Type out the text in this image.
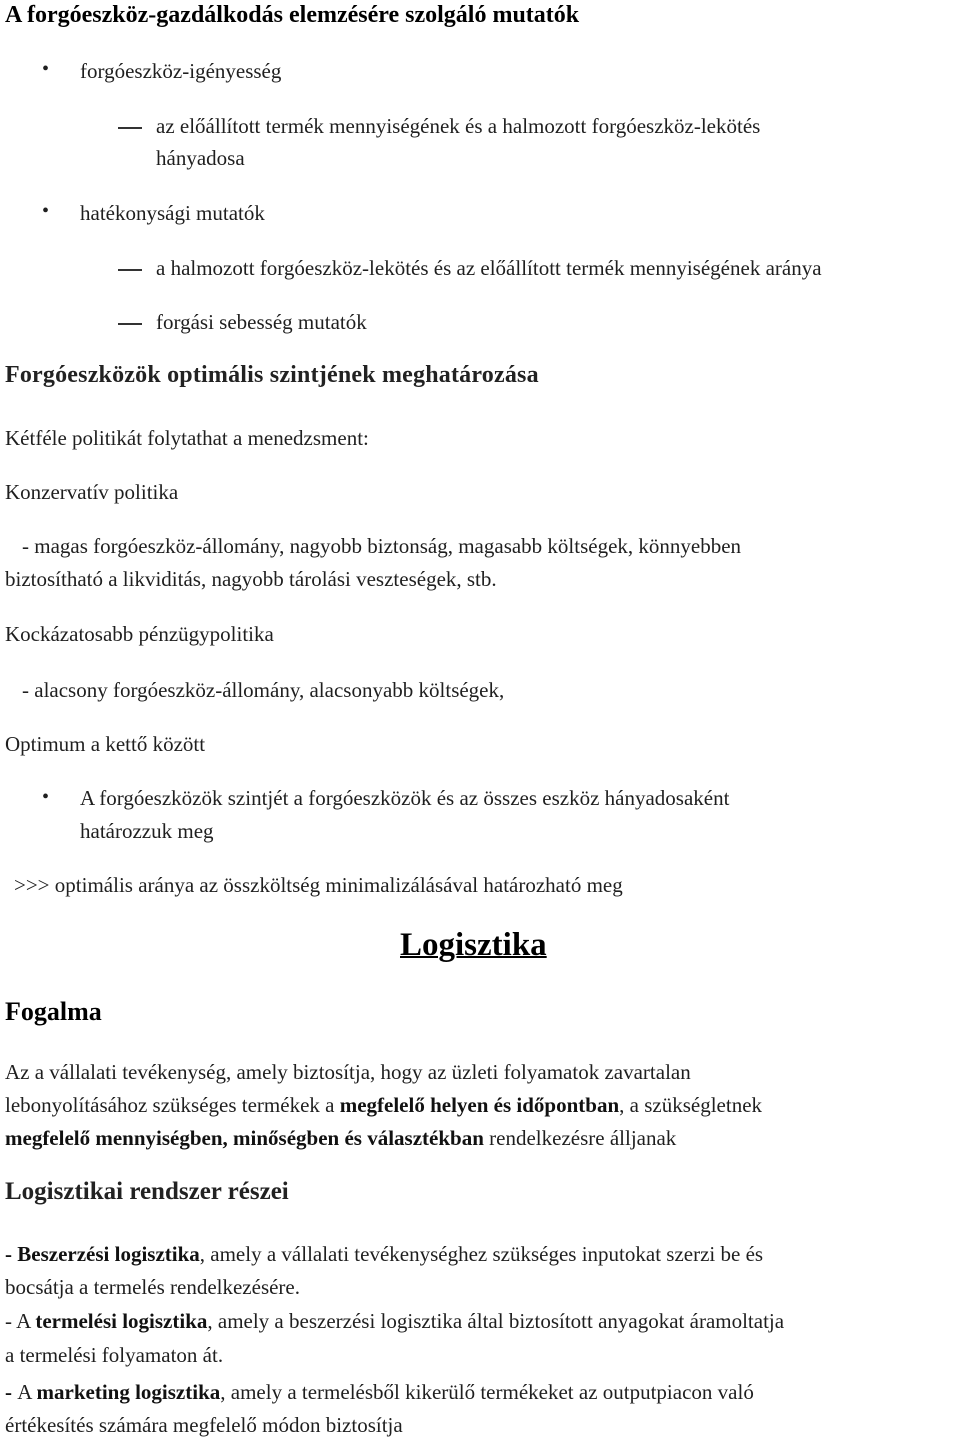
A forgóeszköz-gazdálkodás elemzésére szolgáló mutatók
• forgóeszköz-igényesség
az előállított termék mennyiségének és a halmozott forgóeszköz-lekötés
hányadosa
• hatékonysági mutatók
a halmozott forgóeszköz-lekötés és az előállított termék mennyiségének aránya
forgási sebesség mutatók
Forgóeszközök optimális szintjének meghatározása
Kétféle politikát folytathat a menedzsment:
Konzervatív politika
- magas forgóeszköz-állomány, nagyobb biztonság, magasabb költségek, könnyebben
biztosítható a likviditás, nagyobb tárolási veszteségek, stb.
Kockázatosabb pénzügypolitika
- alacsony forgóeszköz-állomány, alacsonyabb költségek,
Optimum a kettő között
• A forgóeszközök szintjét a forgóeszközök és az összes eszköz hányadosaként
határozzuk meg
>>> optimális aránya az összköltség minimalizálásával határozható meg
Logisztika
Fogalma
Az a vállalati tevékenység, amely biztosítja, hogy az üzleti folyamatok zavartalan
lebonyolításához szükséges termékek a megfelelő helyen és időpontban, a szükségletnek
megfelelő mennyiségben, minőségben és választékban rendelkezésre álljanak
Logisztikai rendszer részei
- Beszerzési logisztika, amely a vállalati tevékenységhez szükséges inputokat szerzi be és
bocsátja a termelés rendelkezésére.
- A termelési logisztika, amely a beszerzési logisztika által biztosított anyagokat áramoltatja
a termelési folyamaton át.
- A marketing logisztika, amely a termelésből kikerülő termékeket az outputpiacon való
értékesítés számára megfelelő módon biztosítja
